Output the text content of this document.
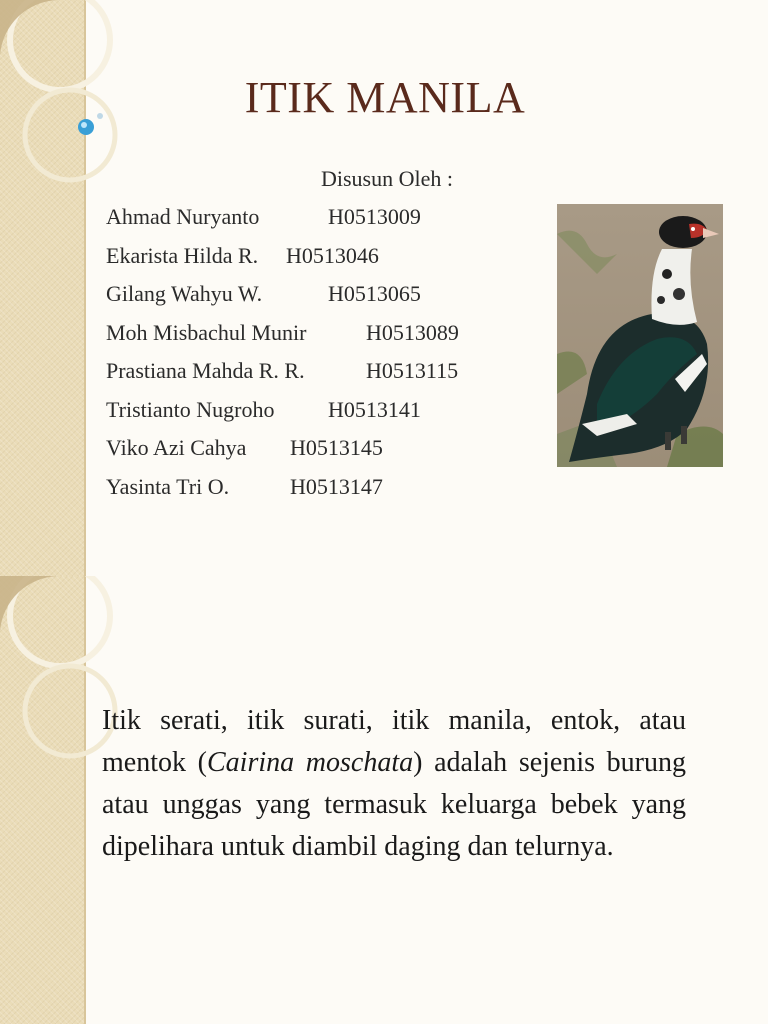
ITIK MANILA
Disusun Oleh :
Ahmad Nuryanto	H0513009
Ekarista Hilda R. H0513046
Gilang Wahyu W.	H0513065
Moh Misbachul Munir	H0513089
Prastiana Mahda R. R.	H0513115
Tristianto Nugroho H0513141
Viko Azi Cahya H0513145
Yasinta Tri O.	H0513147
Itik serati, itik surati, itik manila, entok, atau mentok (Cairina moschata) adalah sejenis burung atau unggas yang termasuk keluarga bebek yang dipelihara untuk diambil daging dan telurnya.
